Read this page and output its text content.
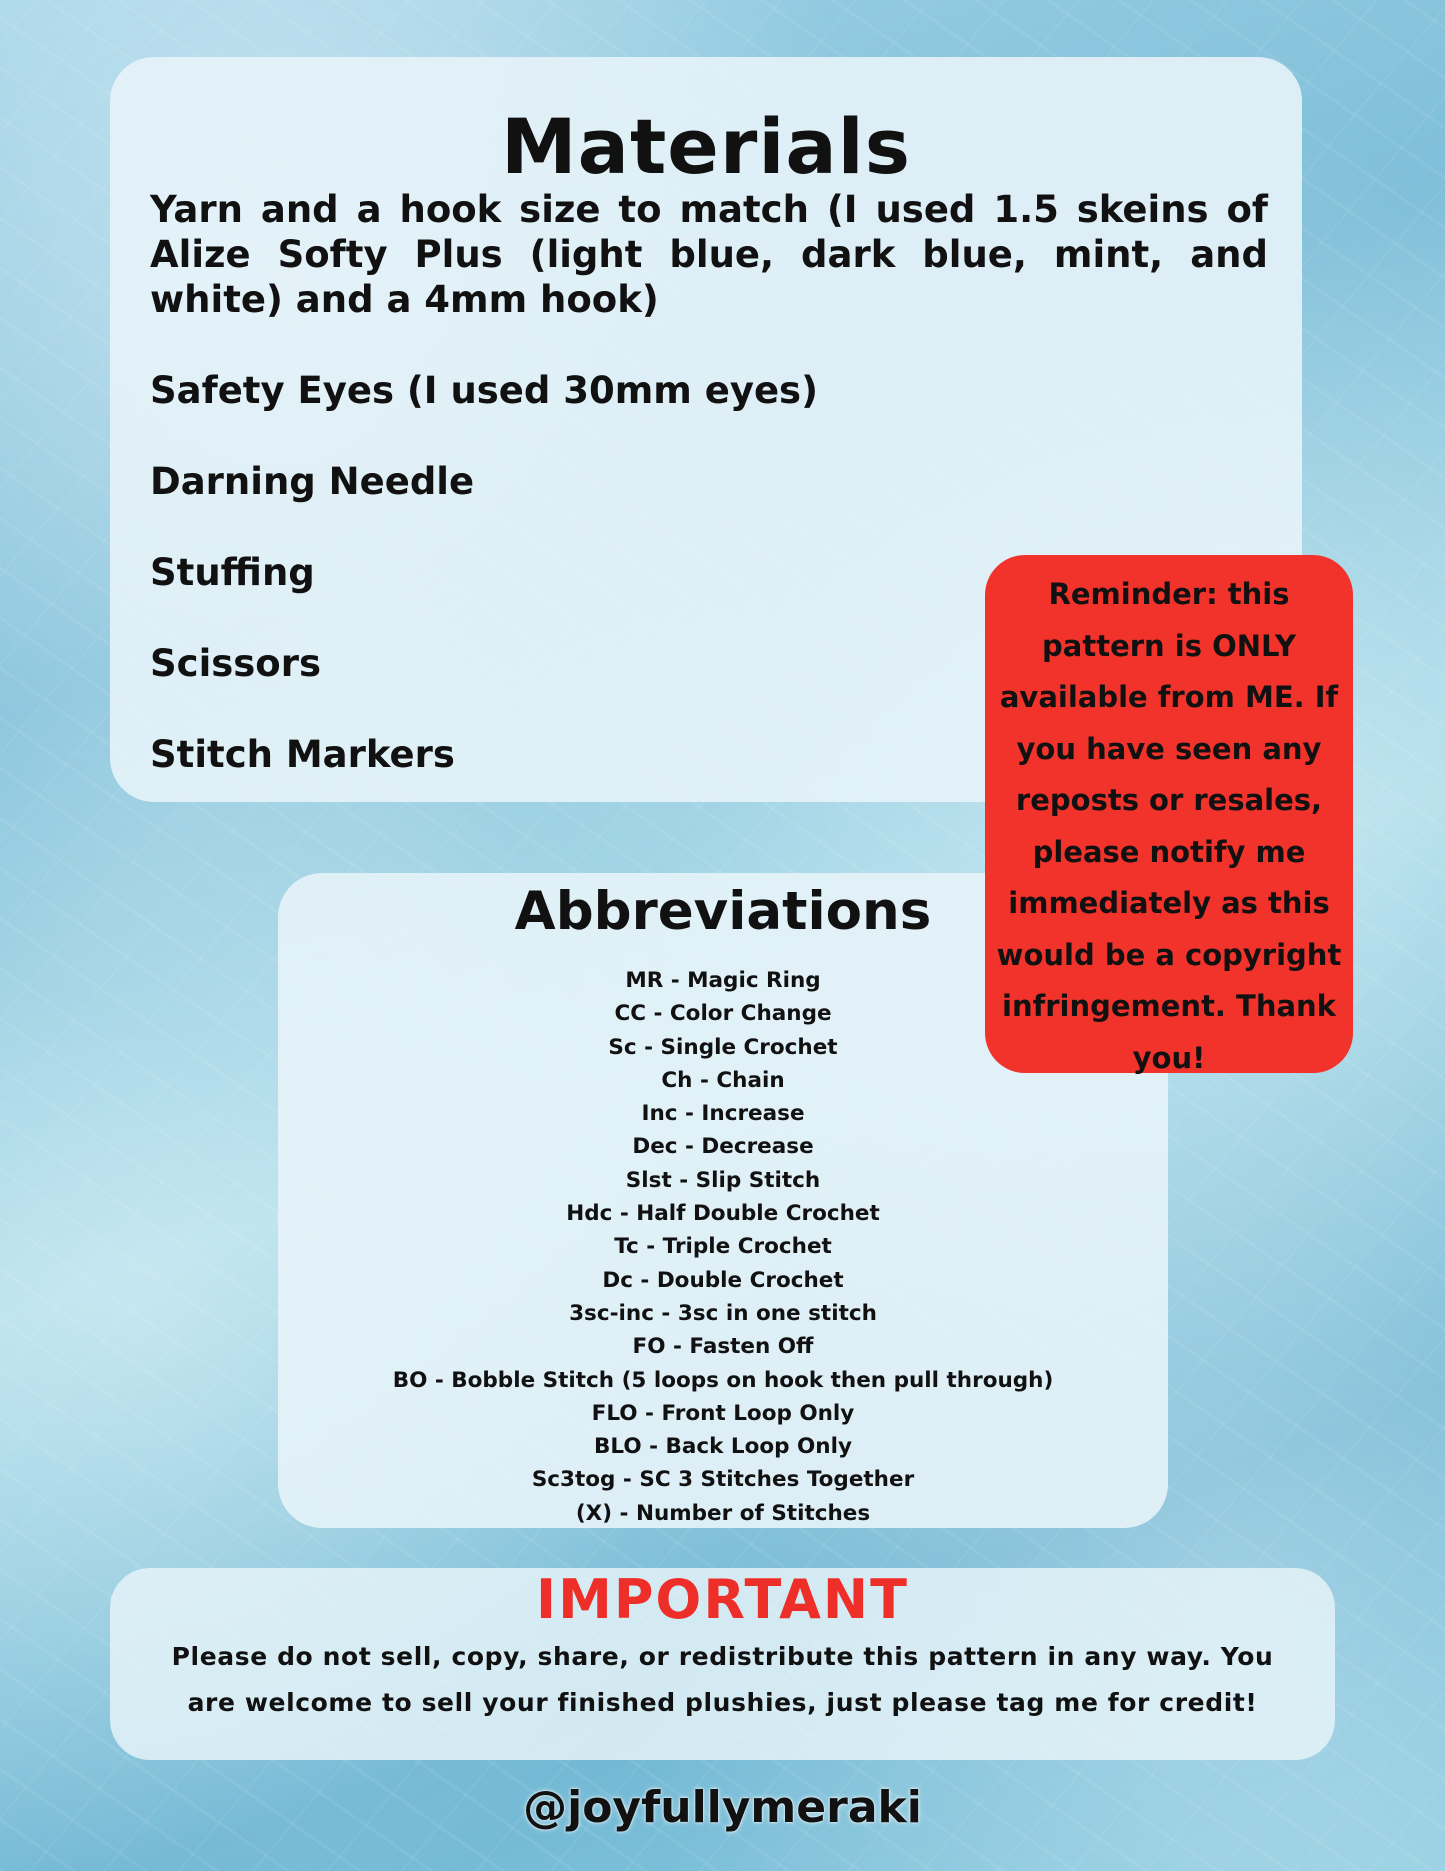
Materials
Yarn and a hook size to match (I used 1.5 skeins of Alize Softy Plus (light blue, dark blue, mint, and white) and a 4mm hook)
Safety Eyes (I used 30mm eyes)
Darning Needle
Stuffing
Scissors
Stitch Markers
Abbreviations
MR - Magic Ring
CC - Color Change
Sc - Single Crochet
Ch - Chain
Inc - Increase
Dec - Decrease
Slst - Slip Stitch
Hdc - Half Double Crochet
Tc - Triple Crochet
Dc - Double Crochet
3sc-inc - 3sc in one stitch
FO - Fasten Off
BO - Bobble Stitch (5 loops on hook then pull through)
FLO - Front Loop Only
BLO - Back Loop Only
Sc3tog - SC 3 Stitches Together
(X) - Number of Stitches
Reminder: this pattern is ONLY available from ME. If you have seen any reposts or resales, please notify me immediately as this would be a copyright infringement. Thank you!
IMPORTANT
Please do not sell, copy, share, or redistribute this pattern in any way. You are welcome to sell your finished plushies, just please tag me for credit!
@joyfullymeraki
